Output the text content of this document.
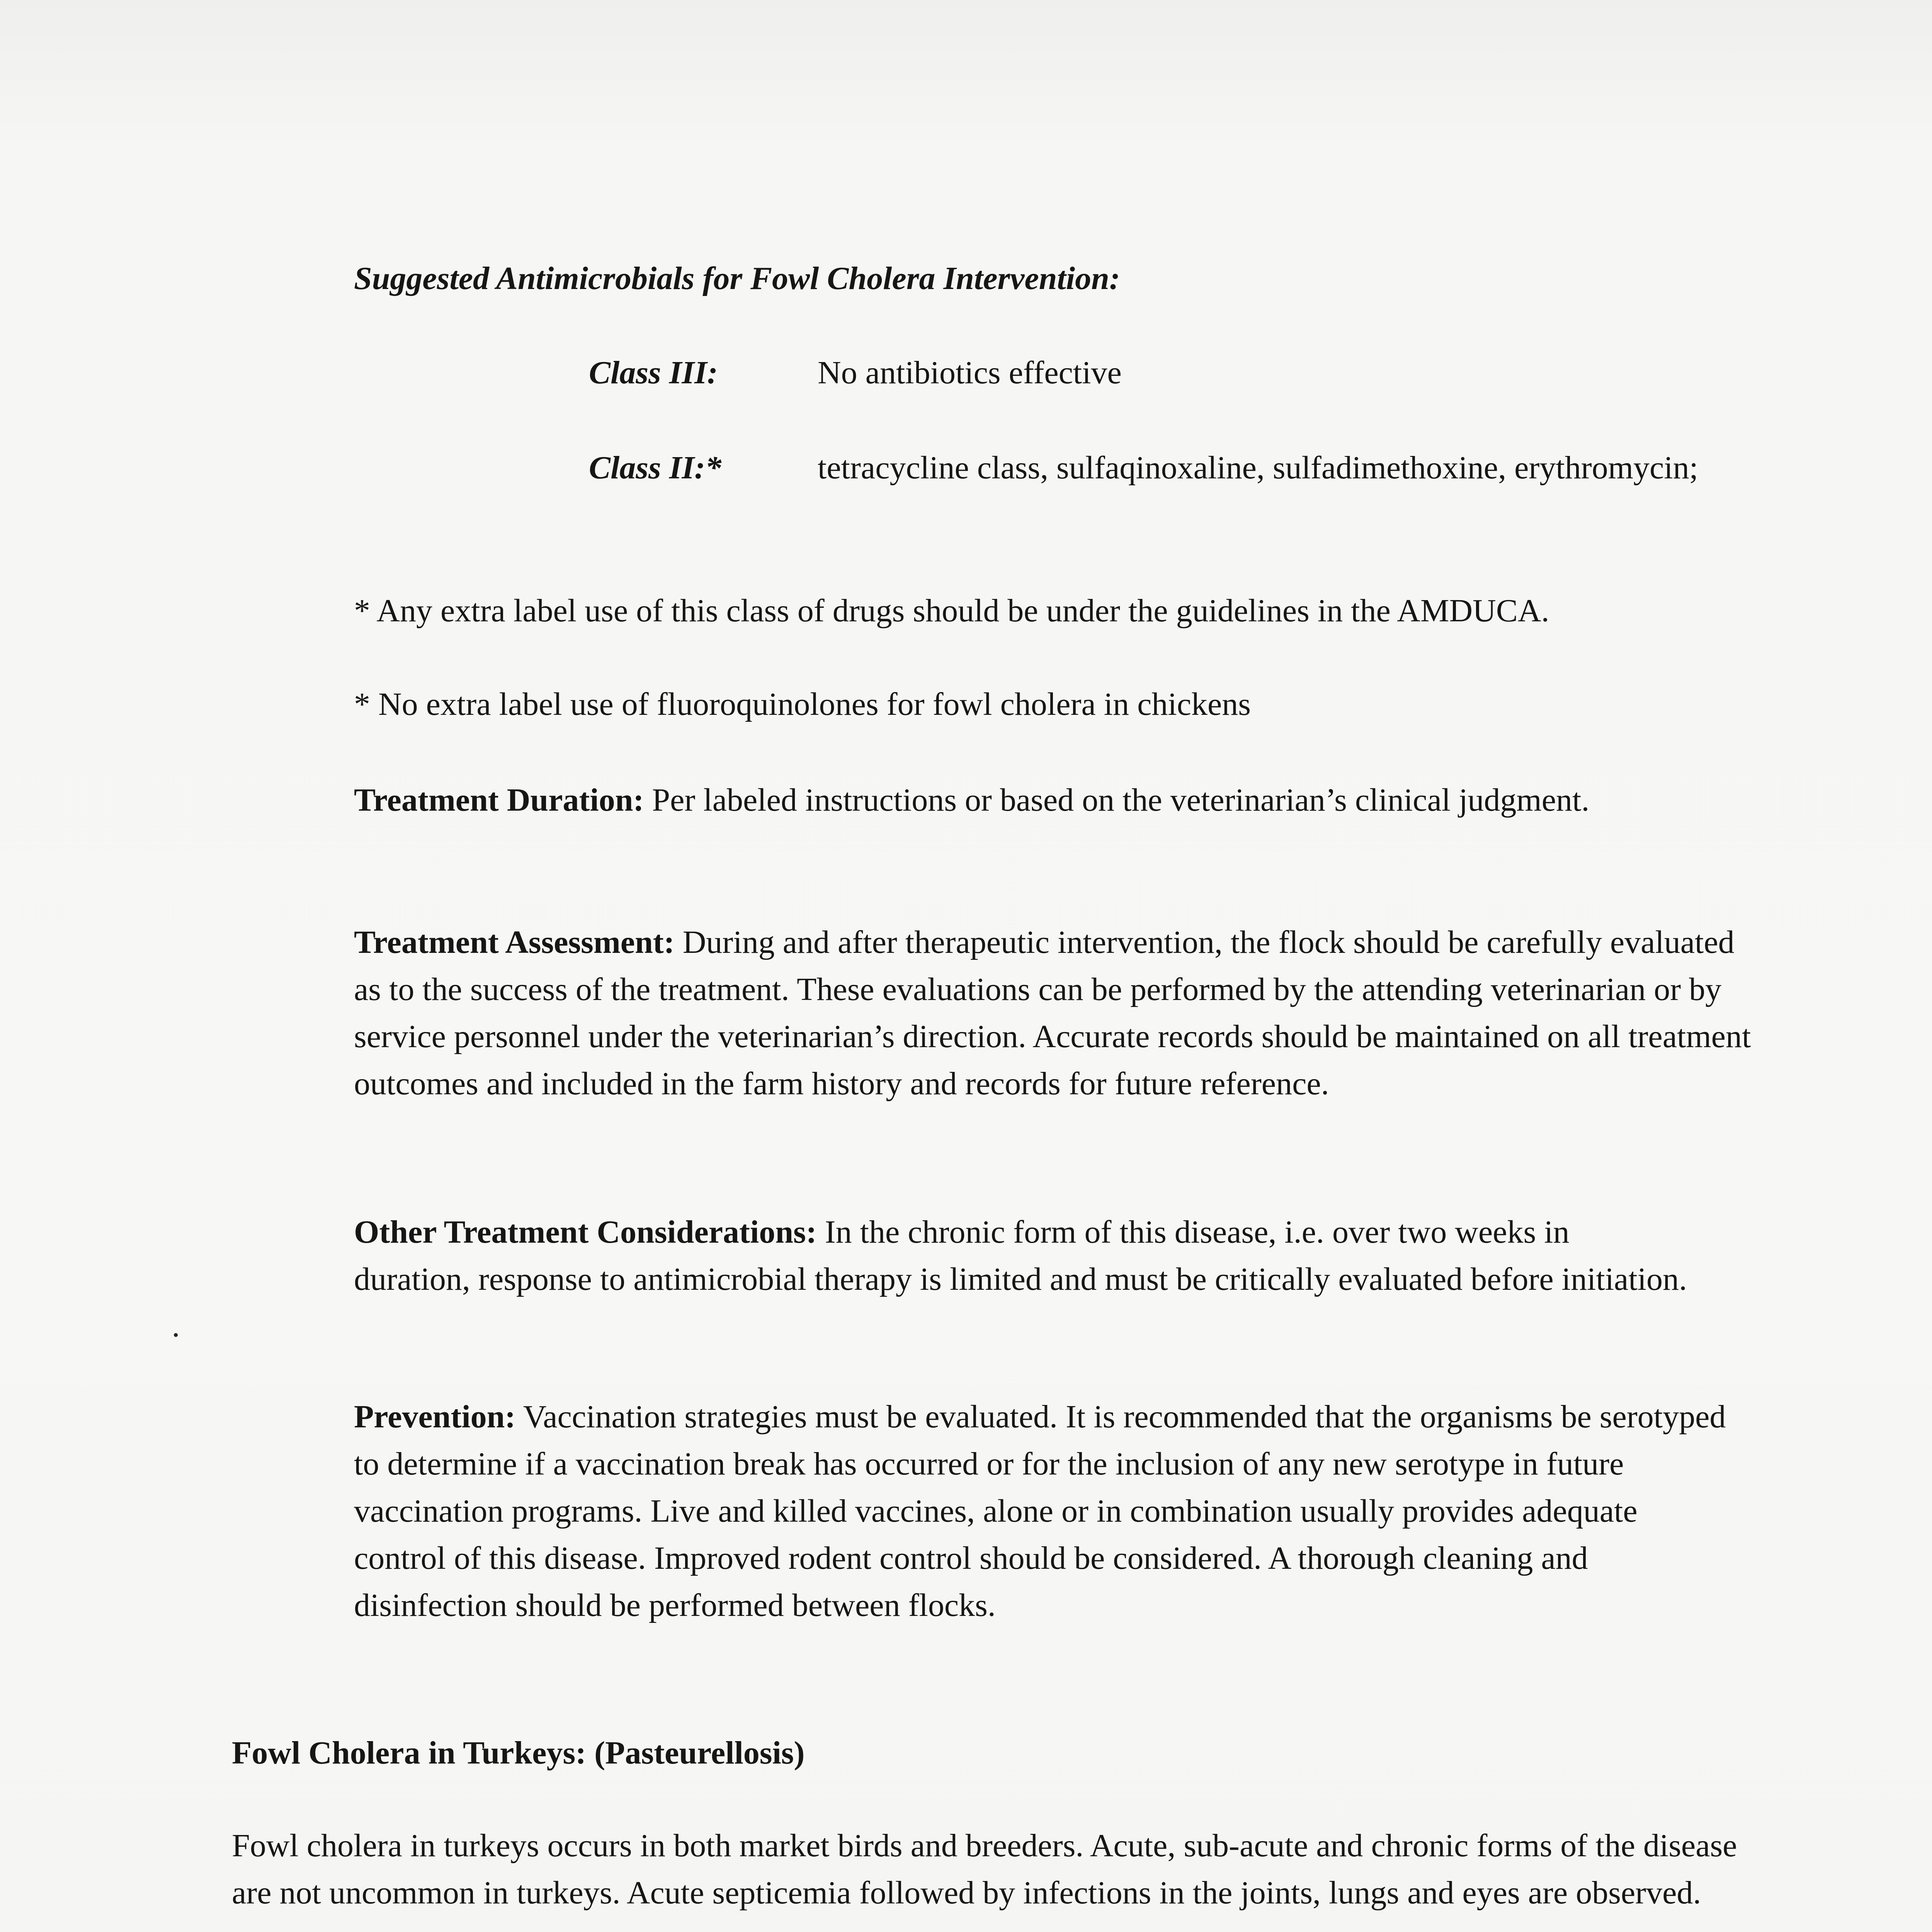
Suggested Antimicrobials for Fowl Cholera Intervention:
Class III:	No antibiotics effective
Class II:*	tetracycline class, sulfaqinoxaline, sulfadimethoxine, erythromycin;
* Any extra label use of this class of drugs should be under the guidelines in the AMDUCA.
* No extra label use of fluoroquinolones for fowl cholera in chickens

Treatment Duration: Per labeled instructions or based on the veterinarian’s clinical judgment.

Treatment Assessment: During and after therapeutic intervention, the flock should be carefully evaluated as to the success of the treatment. These evaluations can be performed by the attending veterinarian or by service personnel under the veterinarian’s direction. Accurate records should be maintained on all treatment outcomes and included in the farm history and records for future reference.

Other Treatment Considerations: In the chronic form of this disease, i.e. over two weeks in duration, response to antimicrobial therapy is limited and must be critically evaluated before initiation.

Prevention: Vaccination strategies must be evaluated. It is recommended that the organisms be serotyped to determine if a vaccination break has occurred or for the inclusion of any new serotype in future vaccination programs. Live and killed vaccines, alone or in combination usually provides adequate control of this disease. Improved rodent control should be considered. A thorough cleaning and disinfection should be performed between flocks.

Fowl Cholera in Turkeys: (Pasteurellosis)

Fowl cholera in turkeys occurs in both market birds and breeders. Acute, sub-acute and chronic forms of the disease are not uncommon in turkeys. Acute septicemia followed by infections in the joints, lungs and eyes are observed.
